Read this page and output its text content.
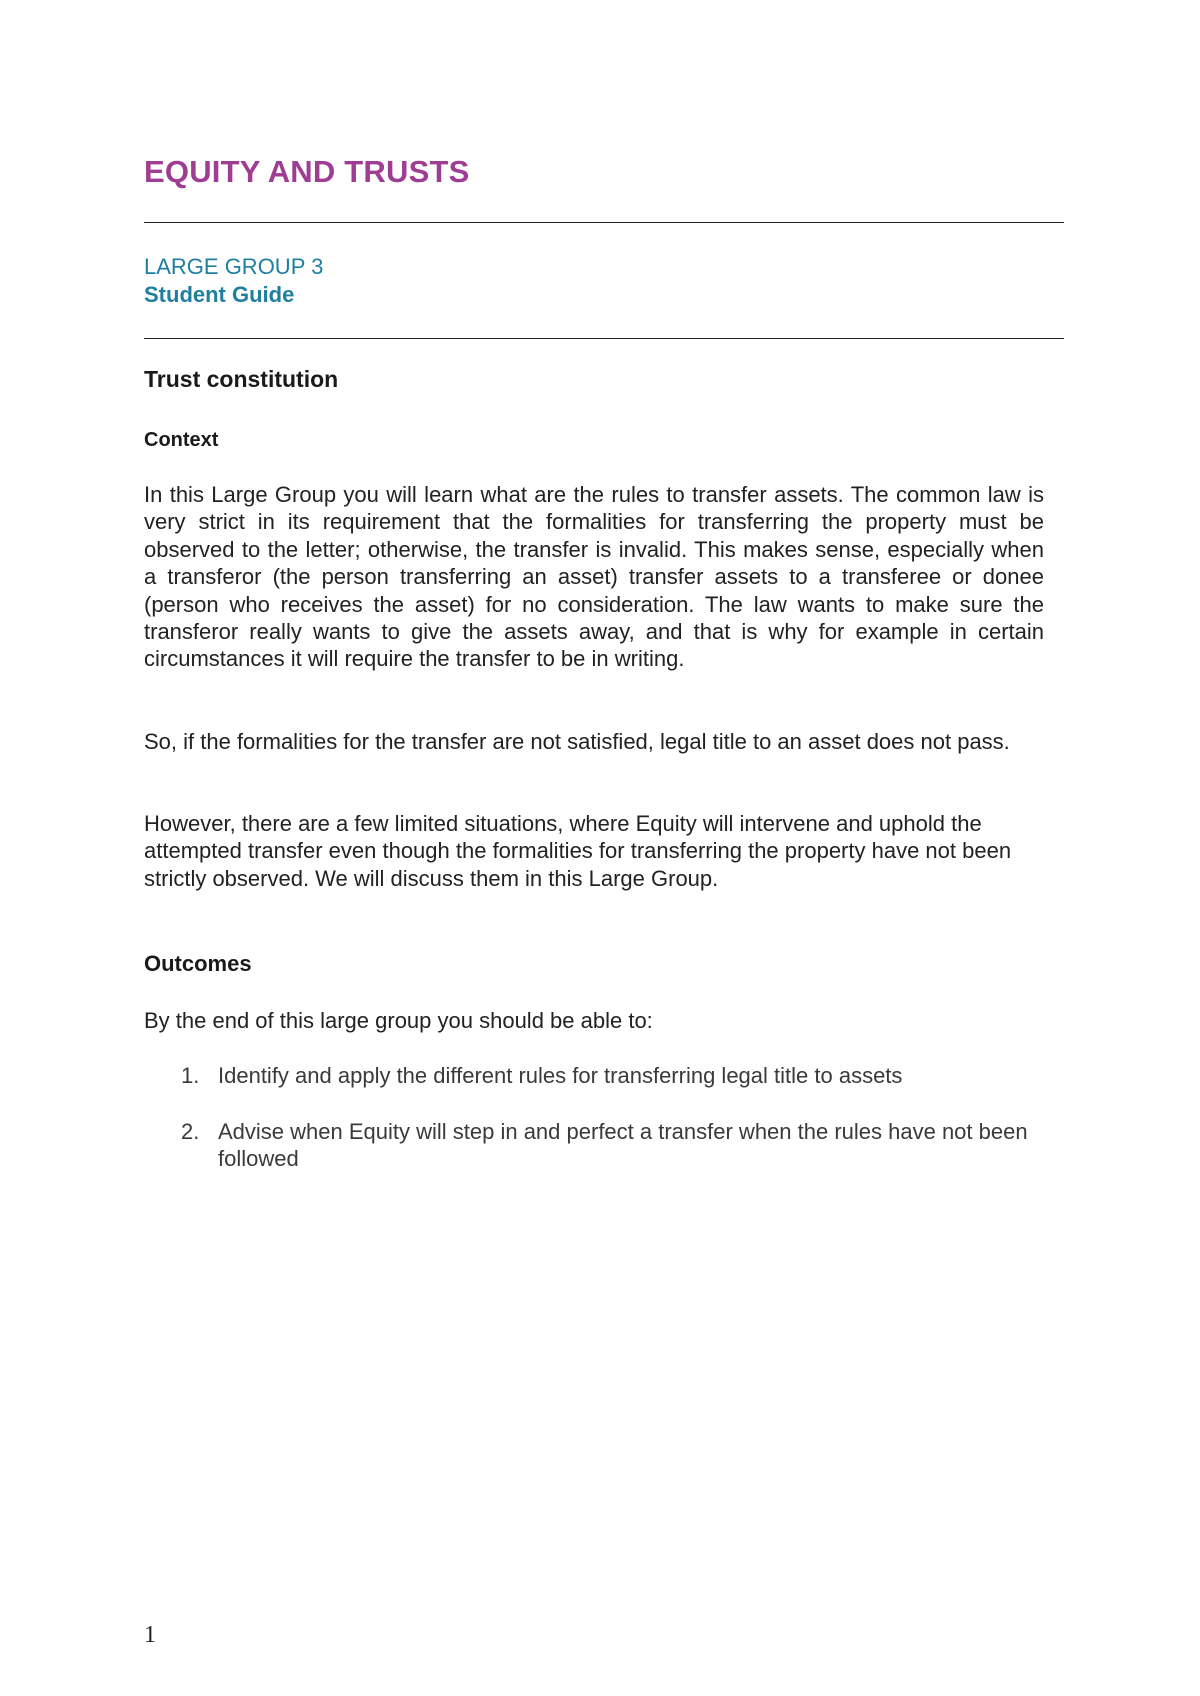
EQUITY AND TRUSTS
LARGE GROUP 3
Student Guide
Trust constitution
Context

In this Large Group you will learn what are the rules to transfer assets. The common law is very strict in its requirement that the formalities for transferring the property must be observed to the letter; otherwise, the transfer is invalid. This makes sense, especially when a transferor (the person transferring an asset) transfer assets to a transferee or donee (person who receives the asset) for no consideration. The law wants to make sure the transferor really wants to give the assets away, and that is why for example in certain circumstances it will require the transfer to be in writing.

So, if the formalities for the transfer are not satisfied, legal title to an asset does not pass.

However, there are a few limited situations, where Equity will intervene and uphold the attempted transfer even though the formalities for transferring the property have not been strictly observed. We will discuss them in this Large Group.

Outcomes

By the end of this large group you should be able to:

1. Identify and apply the different rules for transferring legal title to assets
2. Advise when Equity will step in and perfect a transfer when the rules have not been followed
1
